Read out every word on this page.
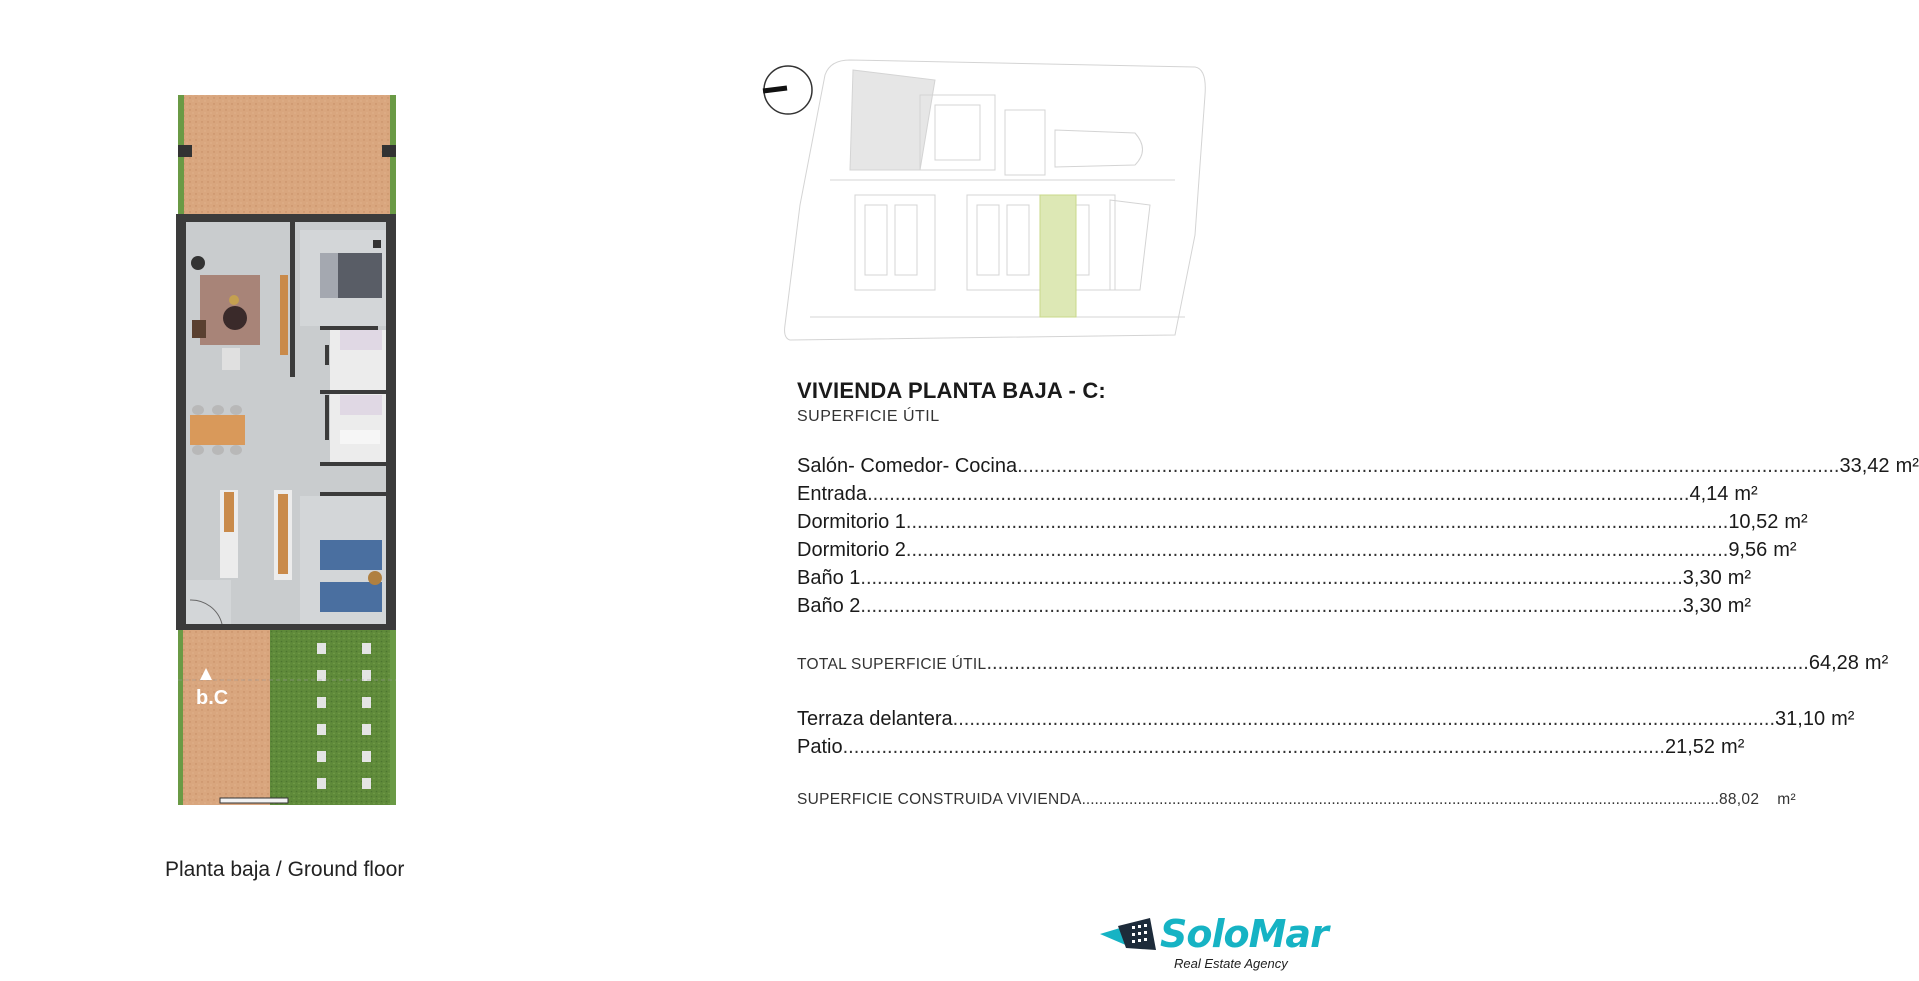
b.C
Planta baja / Ground floor
VIVIENDA PLANTA BAJA - C:
SUPERFICIE ÚTIL
Salón- Comedor- Cocina .....	33,42 m²
Entrada .....	4,14 m²
Dormitorio 1 .....	10,52 m²
Dormitorio 2 .....	9,56 m²
Baño 1 .....	3,30 m²
Baño 2 .....	3,30 m²
TOTAL SUPERFICIE ÚTIL .....	64,28 m²
Terraza delantera .....	31,10 m²
Patio .....	21,52 m²
SUPERFICIE CONSTRUIDA VIVIENDA .....	88,02 m²
SoloMar
Real Estate Agency
